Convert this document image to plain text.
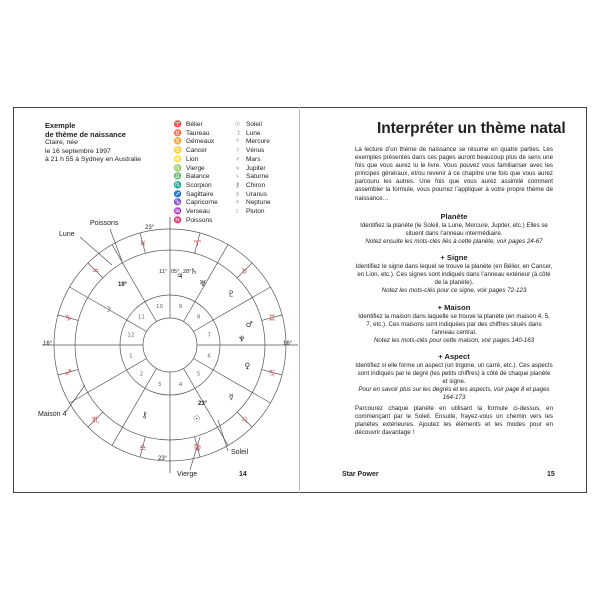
Exemple
de thème de naissance
Claire, née
le 16 septembre 1997
à 21 h 55 à Sydney en Australie
♈ Bélier
♉ Taureau
♊ Gémeaux
♋ Cancer
♌ Lion
♍ Vierge
♎ Balance
♏ Scorpion
♐ Sagittaire
♑ Capricorne
♒ Verseau
♓ Poissons
☉ Soleil
☽ Lune
☿ Mercure
♀ Vénus
♂ Mars
♃ Jupiter
♄ Saturne
⚷ Chiron
♅ Uranus
♆ Neptune
♇ Pluton
♈
♉
♊
♋
♌
♍
♎
♏
♐
♑
♒
♓
1
2
3	4
5
6
7
8
9
10
11
12
☉
☽
☿
♀
♂
♃
♄
⚷
♅
♆
♇
Lune
Poissons
Maison 4
Soleil
Vierge
23°
23°
16°	16°
19°
23°
11° 05° 28°
14
Interpréter un thème natal
La lecture d’un thème de naissance se résume en quatre parties. Les exemples présentés dans ces pages auront beaucoup plus de sens une fois que vous aurez lu le livre. Vous pouvez vous familiariser avec les principes généraux, et/ou revenir à ce chapitre une fois que vous aurez parcouru les autres. Une fois que vous aurez assimilé comment assembler la formule, vous pourrez l’appliquer à votre propre thème de naissance…
Planète
Identifiez la planète (le Soleil, la Lune, Mercure, Jupiter, etc.) Elles se situent dans l’anneau intermédiaire.
Notez ensuite les mots-clés liés à cette planète, voir pages 24-67
+ Signe
Identifiez le signe dans lequel se trouve la planète (en Bélier, en Cancer, en Lion, etc.). Ces signes sont indiqués dans l’anneau extérieur (à côté de la planète).
Notez les mots-clés pour ce signe, voir pages 72-123
+ Maison
Identifiez la maison dans laquelle se trouve la planète (en maison 4, 5, 7, etc.). Ces maisons sont indiquées par des chiffres situés dans l’anneau central.
Notez les mots-clés pour cette maison, voir pages 140-163
+ Aspect
Identifiez si elle forme un aspect (un trigone, un carré, etc.). Ces aspects sont indiqués par le degré (les petits chiffres) à côté de chaque planète et signe.
Pour en savoir plus sur les degrés et les aspects, voir page 8 et pages 164-173
Parcourez chaque planète en utilisant la formule ci-dessus, en commençant par le Soleil. Ensuite, frayez-vous un chemin vers les planètes extérieures. Ajoutez les éléments et les modes pour en découvrir davantage !
Star Power	15
